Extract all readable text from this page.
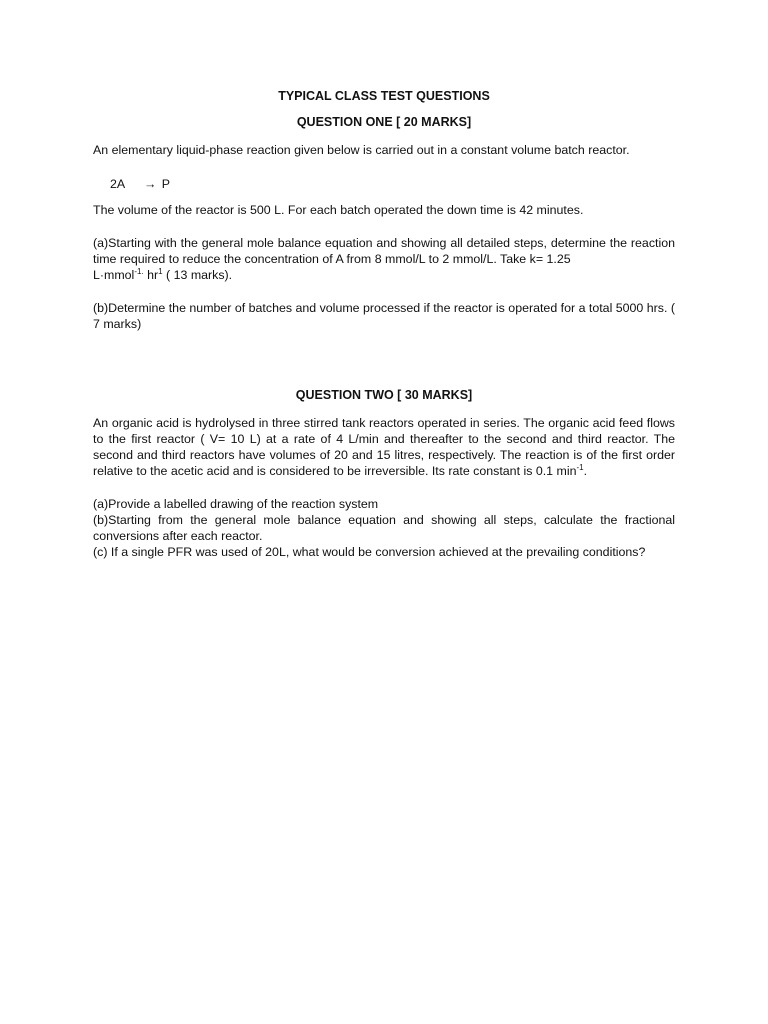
TYPICAL CLASS TEST QUESTIONS
QUESTION ONE [ 20 MARKS]
An elementary liquid-phase reaction given below is carried out in a constant volume batch reactor.
2A → P
The volume of the reactor is 500 L. For each batch operated the down time is 42 minutes.
(a)Starting with the general mole balance equation and showing all detailed steps, determine the reaction time required to reduce the concentration of A from 8 mmol/L to 2 mmol/L. Take k= 1.25
L·mmol$^{-1.}$ $hr^1$ ( 13 marks).
(b)Determine the number of batches and volume processed if the reactor is operated for a total 5000 hrs. ( 7 marks)
QUESTION TWO [ 30 MARKS]
An organic acid is hydrolysed in three stirred tank reactors operated in series. The organic acid feed flows to the first reactor ( V= 10 L) at a rate of 4 L/min and thereafter to the second and third reactor. The second and third reactors have volumes of 20 and 15 litres, respectively. The reaction is of the first order relative to the acetic acid and is considered to be irreversible. Its rate constant is 0.1 $\min^{-1}$.
(a)Provide a labelled drawing of the reaction system
(b)Starting from the general mole balance equation and showing all steps, calculate the fractional conversions after each reactor.
(c) If a single PFR was used of 20L, what would be conversion achieved at the prevailing conditions?
